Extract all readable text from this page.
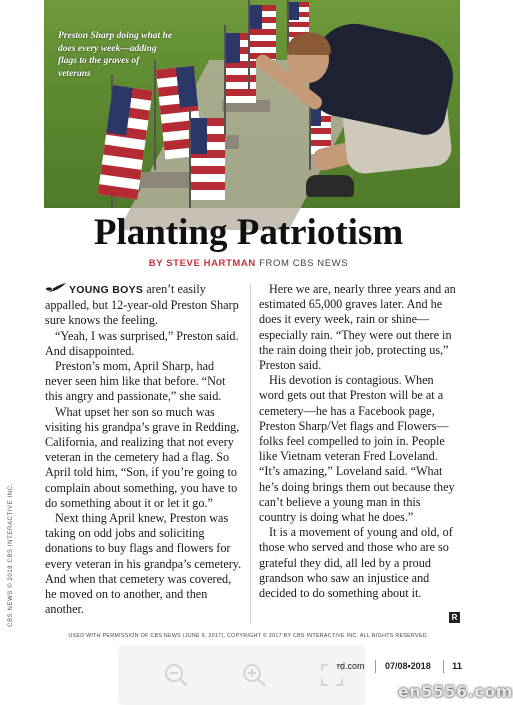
Preston Sharp doing what he does every week—adding flags to the graves of veterans
Planting Patriotism
BY STEVE HARTMAN FROM CBS NEWS

YOUNG BOYS aren’t easily appalled, but 12-year-old Preston Sharp sure knows the feeling.

“Yeah, I was surprised,” Preston said. And disappointed.

Preston’s mom, April Sharp, had never seen him like that before. “Not this angry and passionate,” she said.

What upset her son so much was visiting his grandpa’s grave in Redding, California, and realizing that not every veteran in the cemetery had a flag. So April told him, “Son, if you’re going to complain about something, you have to do something about it or let it go.”

Next thing April knew, Preston was taking on odd jobs and soliciting donations to buy flags and flowers for every veteran in his grandpa’s cemetery. And when that cemetery was covered, he moved on to another, and then another.

Here we are, nearly three years and an estimated 65,000 graves later. And he does it every week, rain or shine—especially rain. “They were out there in the rain doing their job, protecting us,” Preston said.

His devotion is contagious. When word gets out that Preston will be at a cemetery—he has a Facebook page, Preston Sharp/Vet flags and Flowers—folks feel compelled to join in. People like Vietnam veteran Fred Loveland. “It’s amazing,” Loveland said. “What he’s doing brings them out because they can’t believe a young man in this country is doing what he does.”

It is a movement of young and old, of those who served and those who are so grateful they did, all led by a proud grandson who saw an injustice and decided to do something about it.

R
CBS NEWS © 2018 CBS INTERACTIVE INC.
USED WITH PERMISSION OF CBS NEWS (JUNE 9, 2017), COPYRIGHT © 2017 BY CBS INTERACTIVE INC. ALL RIGHTS RESERVED.
rd.com 07/08•2018 11
en5556.com
